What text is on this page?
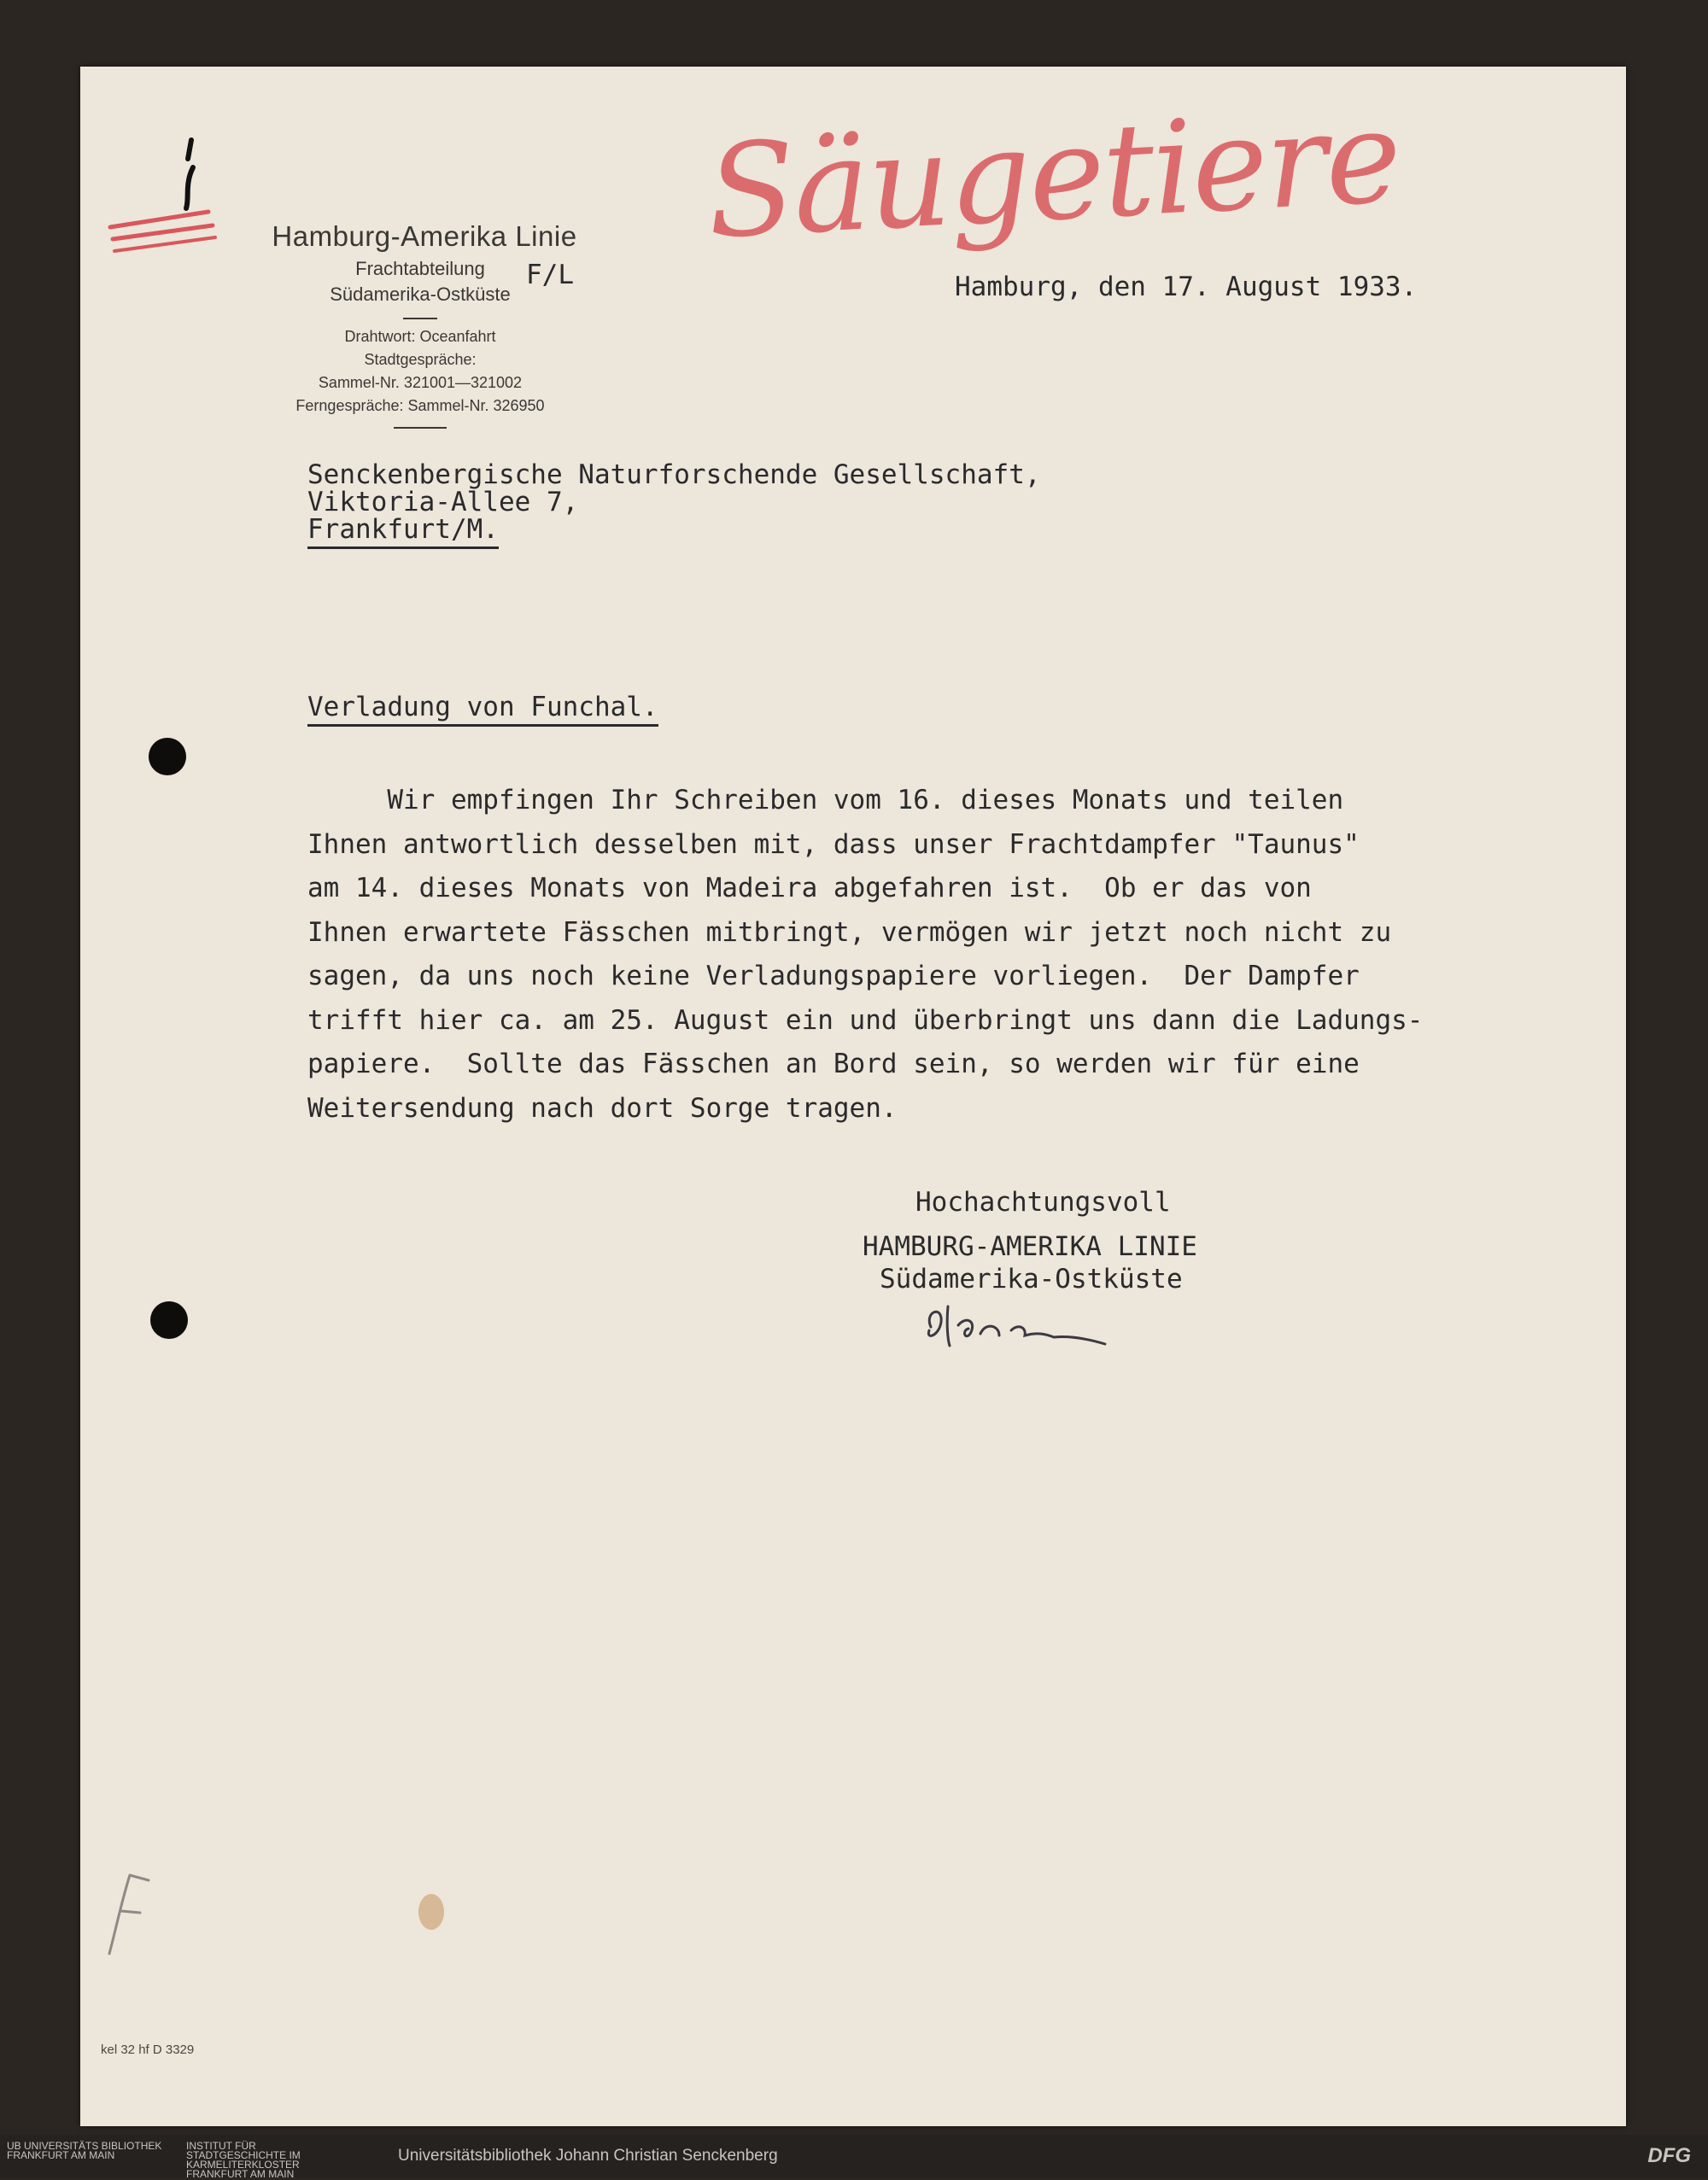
Säugetiere
Hamburg-Amerika Linie
Frachtabteilung
Südamerika-Ostküste
Drahtwort: Oceanfahrt
Stadtgespräche:
Sammel-Nr. 321001—321002
Ferngespräche: Sammel-Nr. 326950
F/L	Hamburg, den 17. August 1933.
Senckenbergische Naturforschende Gesellschaft,
Viktoria-Allee 7,
Frankfurt/M.
Verladung von Funchal.
Hochachtungsvoll
HAMBURG-AMERIKA LINIE
Südamerika-Ostküste

Wir empfingen Ihr Schreiben vom 16. dieses Monats und teilen

Ihnen antwortlich desselben mit, dass unser Frachtdampfer "Taunus"

am 14. dieses Monats von Madeira abgefahren ist.  Ob er das von

Ihnen erwartete Fässchen mitbringt, vermögen wir jetzt noch nicht zu

sagen, da uns noch keine Verladungspapiere vorliegen.  Der Dampfer

trifft hier ca. am 25. August ein und überbringt uns dann die Ladungs-

papiere.  Sollte das Fässchen an Bord sein, so werden wir für eine

Weitersendung nach dort Sorge tragen.

kel 32 hf D 3329
UB UNIVERSITÄTS BIBLIOTHEK FRANKFURT AM MAIN
INSTITUT FÜR STADTGESCHICHTE IM KARMELITERKLOSTER FRANKFURT AM MAIN
Universitätsbibliothek Johann Christian Senckenberg	DFG
